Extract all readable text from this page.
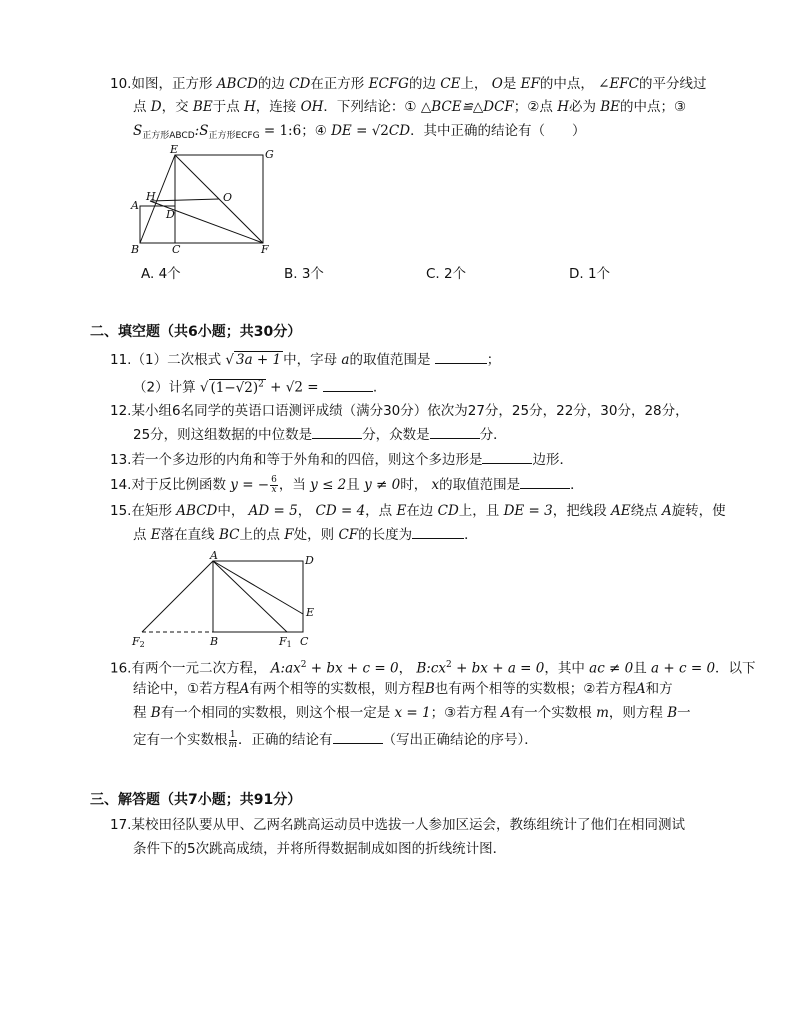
10.如图，正方形 ABCD的边 CD在正方形 ECFG的边 CE上， O是 EF的中点， ∠EFC的平分线过
点 D，交 BE于点 H，连接 OH．下列结论：① △BCE≌△DCF；②点 H必为 BE的中点；③
$S_{正方形ABCD}:S_{正方形ECFG}$ = 1:6；④ DE = √2CD．其中正确的结论有（　　）
E	G
H	O
A
D
B	C	F
A. 4个	B. 3个	C. 2个	D. 1个
二、填空题（共6小题；共30分）
11.（1）二次根式 √ 3a + 1 中，字母 a的取值范围是	；
（2）计算 √ $(1-√2)^2 + √2$ =	.
12.某小组6名同学的英语口语测评成绩（满分30分）依次为27分，25分，22分，30分，28分，
25分，则这组数据的中位数是	分，众数是	分．
13.若一个多边形的内角和等于外角和的四倍，则这个多边形是	边形．
14.对于反比例函数 y = − $\frac{6}{x}$ ，当 y ≤ 2且 y ≠ 0时， x的取值范围是	．
15.在矩形 ABCD中， AD = 5， CD = 4，点 E在边 CD上，且 DE = 3，把线段 AE绕点 A旋转，使
点 E落在直线 BC上的点 F处，则 CF的长度为	．
A	D
E
F2	B	F1 C
16.有两个一元二次方程， $A:ax^2$ + bx + c = 0， $B:cx^2$ + bx + a = 0，其中 ac ≠ 0且 a + c = 0．以下
结论中，①若方程A有两个相等的实数根，则方程B也有两个相等的实数根；②若方程A和方
程 B有一个相同的实数根，则这个根一定是 x = 1；③若方程 A有一个实数根 m，则方程 B一
定有一个实数根 $\frac{1}{m}$ ．正确的结论有	（写出正确结论的序号）．
三、解答题（共7小题；共91分）
17.某校田径队要从甲、乙两名跳高运动员中选拔一人参加区运会，教练组统计了他们在相同测试
条件下的5次跳高成绩，并将所得数据制成如图的折线统计图．
